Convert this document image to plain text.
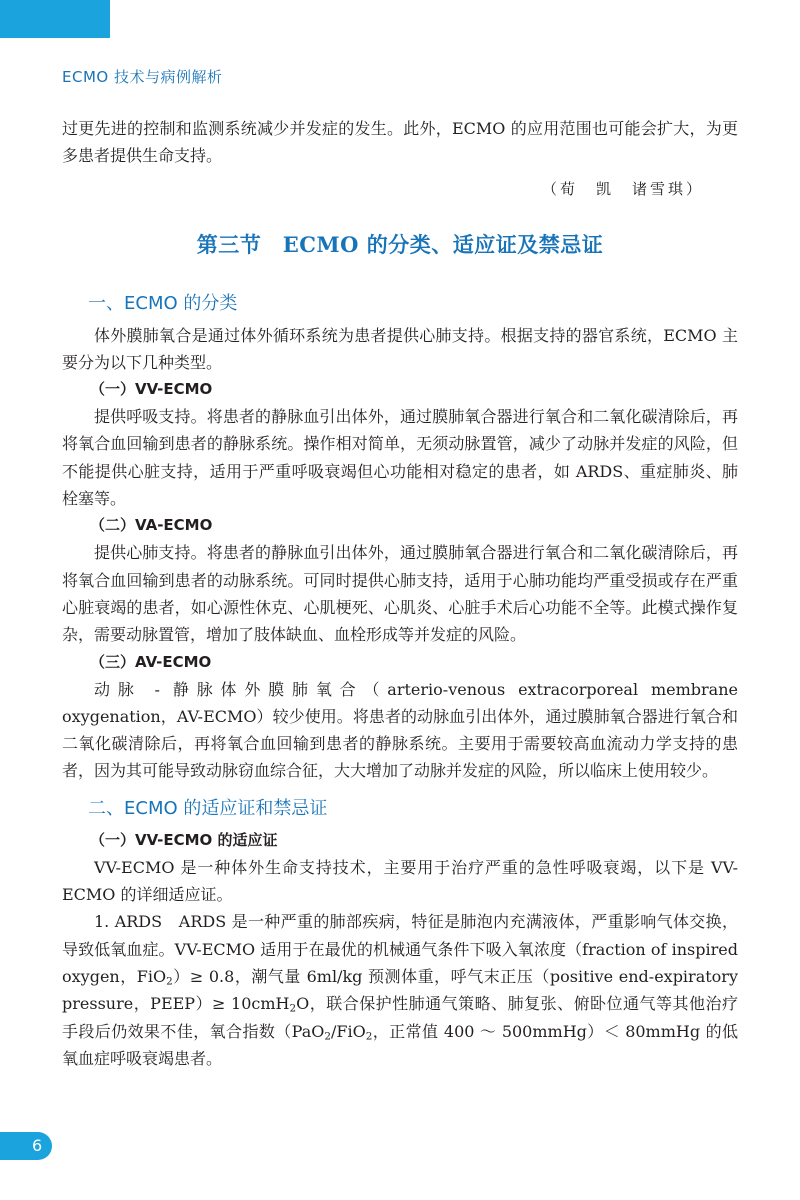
ECMO 技术与病例解析

过更先进的控制和监测系统减少并发症的发生。此外，ECMO 的应用范围也可能会扩大，为更多患者提供生命支持。

（荀　凯　诸雪琪）
第三节　ECMO 的分类、适应证及禁忌证
一、ECMO 的分类

体外膜肺氧合是通过体外循环系统为患者提供心肺支持。根据支持的器官系统，ECMO 主要分为以下几种类型。

（一）VV-ECMO

提供呼吸支持。将患者的静脉血引出体外，通过膜肺氧合器进行氧合和二氧化碳清除后，再将氧合血回输到患者的静脉系统。操作相对简单，无须动脉置管，减少了动脉并发症的风险，但不能提供心脏支持，适用于严重呼吸衰竭但心功能相对稳定的患者，如 ARDS、重症肺炎、肺栓塞等。

（二）VA-ECMO

提供心肺支持。将患者的静脉血引出体外，通过膜肺氧合器进行氧合和二氧化碳清除后，再将氧合血回输到患者的动脉系统。可同时提供心肺支持，适用于心肺功能均严重受损或存在严重心脏衰竭的患者，如心源性休克、心肌梗死、心肌炎、心脏手术后心功能不全等。此模式操作复杂，需要动脉置管，增加了肢体缺血、血栓形成等并发症的风险。

（三）AV-ECMO

动脉 - 静脉体外膜肺氧合（arterio-venous extracorporeal membrane oxygenation，AV-ECMO）较少使用。将患者的动脉血引出体外，通过膜肺氧合器进行氧合和二氧化碳清除后，再将氧合血回输到患者的静脉系统。主要用于需要较高血流动力学支持的患者，因为其可能导致动脉窃血综合征，大大增加了动脉并发症的风险，所以临床上使用较少。

二、ECMO 的适应证和禁忌证
（一）VV-ECMO 的适应证

VV-ECMO 是一种体外生命支持技术，主要用于治疗严重的急性呼吸衰竭，以下是 VV-ECMO 的详细适应证。

1. ARDS　ARDS 是一种严重的肺部疾病，特征是肺泡内充满液体，严重影响气体交换，导致低氧血症。VV-ECMO 适用于在最优的机械通气条件下吸入氧浓度（fraction of inspired oxygen，FiO$_2$）≥ 0.8，潮气量 6ml/kg 预测体重，呼气末正压（positive end-expiratory pressure，PEEP）≥ 10cmH$_2$O，联合保护性肺通气策略、肺复张、俯卧位通气等其他治疗手段后仍效果不佳，氧合指数（PaO$_2$/FiO$_2$，正常值 400 ～ 500mmHg）＜ 80mmHg 的低氧血症呼吸衰竭患者。

6
